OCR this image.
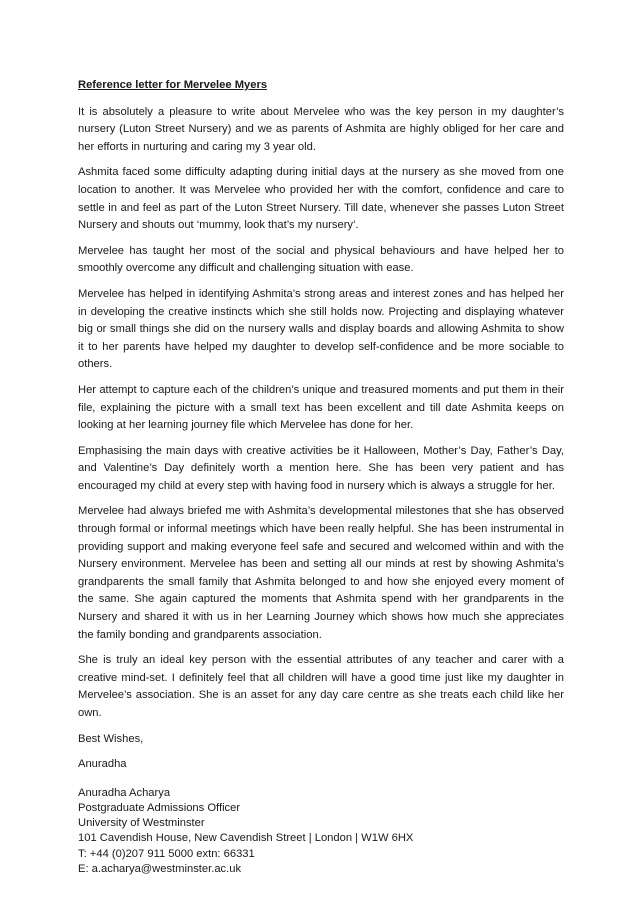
Reference letter for Mervelee Myers

It is absolutely a pleasure to write about Mervelee who was the key person in my daughter’s nursery (Luton Street Nursery) and we as parents of Ashmita are highly obliged for her care and her efforts in nurturing and caring my 3 year old.

Ashmita faced some difficulty adapting during initial days at the nursery as she moved from one location to another. It was Mervelee who provided her with the comfort, confidence and care to settle in and feel as part of the Luton Street Nursery. Till date, whenever she passes Luton Street Nursery and shouts out ‘mummy, look that’s my nursery’.

Mervelee has taught her most of the social and physical behaviours and have helped her to smoothly overcome any difficult and challenging situation with ease.

Mervelee has helped in identifying Ashmita’s strong areas and interest zones and has helped her in developing the creative instincts which she still holds now. Projecting and displaying whatever big or small things she did on the nursery walls and display boards and allowing Ashmita to show it to her parents have helped my daughter to develop self-confidence and be more sociable to others.

Her attempt to capture each of the children’s unique and treasured moments and put them in their file, explaining the picture with a small text has been excellent and till date Ashmita keeps on looking at her learning journey file which Mervelee has done for her.

Emphasising the main days with creative activities be it Halloween, Mother’s Day, Father’s Day, and Valentine’s Day definitely worth a mention here. She has been very patient and has encouraged my child at every step with having food in nursery which is always a struggle for her.

Mervelee had always briefed me with Ashmita’s developmental milestones that she has observed through formal or informal meetings which have been really helpful. She has been instrumental in providing support and making everyone feel safe and secured and welcomed within and with the Nursery environment. Mervelee has been and setting all our minds at rest by showing Ashmita’s grandparents the small family that Ashmita belonged to and how she enjoyed every moment of the same. She again captured the moments that Ashmita spend with her grandparents in the Nursery and shared it with us in her Learning Journey which shows how much she appreciates the family bonding and grandparents association.

She is truly an ideal key person with the essential attributes of any teacher and carer with a creative mind-set. I definitely feel that all children will have a good time just like my daughter in Mervelee’s association. She is an asset for any day care centre as she treats each child like her own.

Best Wishes,
Anuradha
Anuradha Acharya
Postgraduate Admissions Officer
University of Westminster
101 Cavendish House, New Cavendish Street | London | W1W 6HX
T: +44 (0)207 911 5000 extn: 66331
E: a.acharya@westminster.ac.uk
